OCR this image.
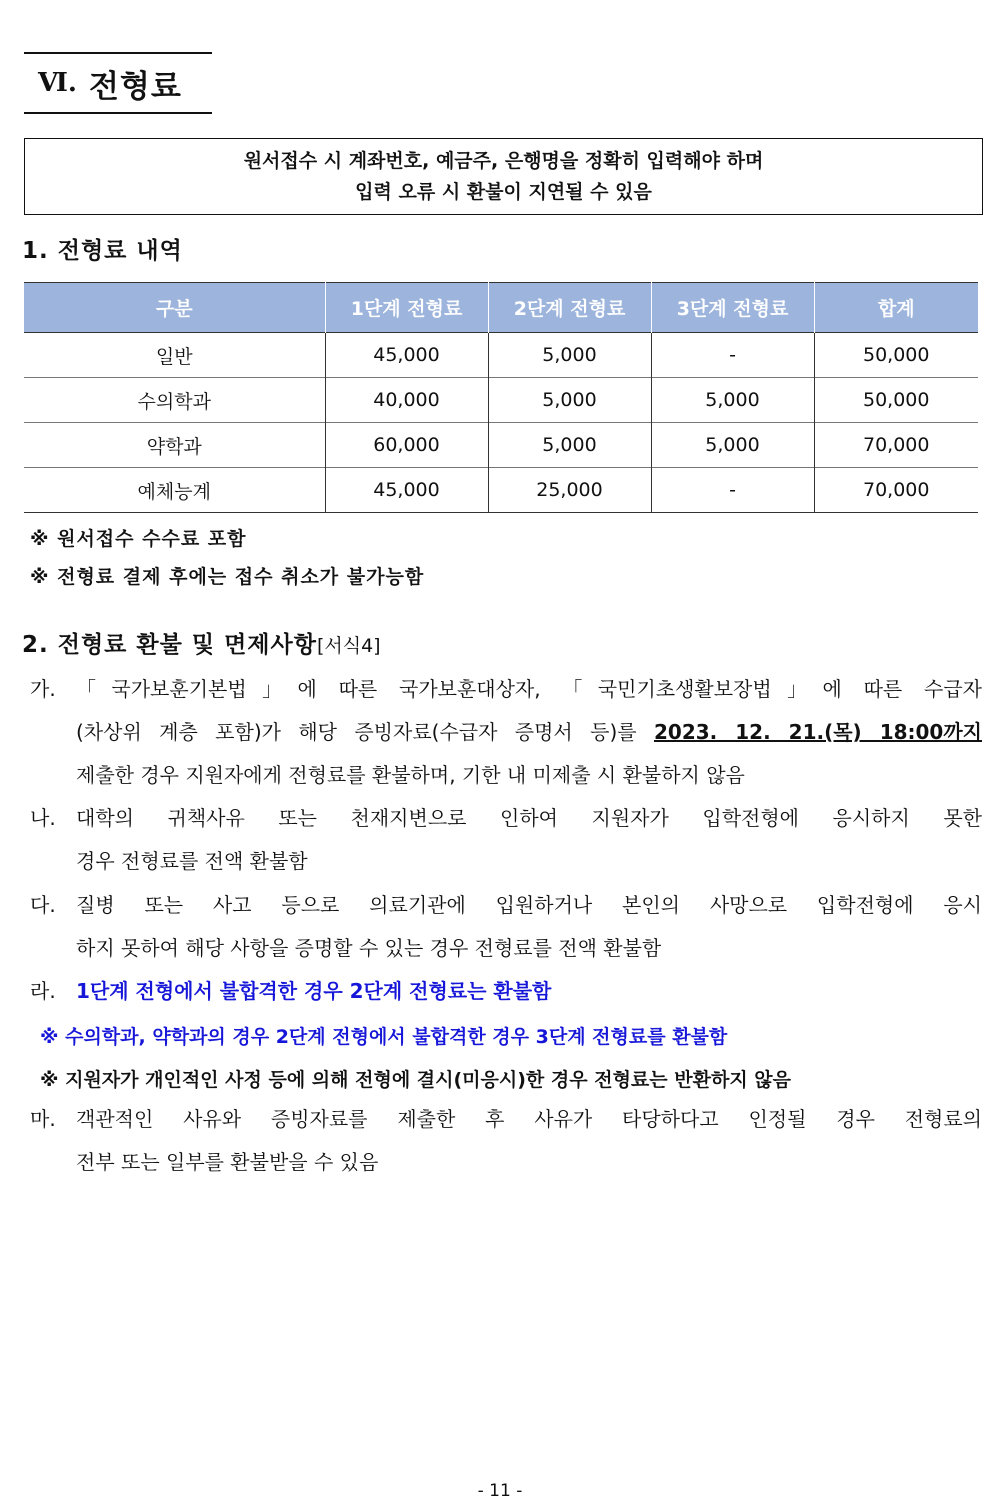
Ⅵ. 전형료
원서접수 시 계좌번호, 예금주, 은행명을 정확히 입력해야 하며
입력 오류 시 환불이 지연될 수 있음
1. 전형료 내역
구분	1단계 전형료	2단계 전형료	3단계 전형료	합계
일반	45,000	5,000	-	50,000
수의학과	40,000	5,000	5,000	50,000
약학과	60,000	5,000	5,000	70,000
예체능계	45,000	25,000	-	70,000
※ 원서접수 수수료 포함
※ 전형료 결제 후에는 접수 취소가 불가능함
2. 전형료 환불 및 면제사항[서식4]
가. 「국가보훈기본법」에 따른 국가보훈대상자, 「국민기초생활보장법」에 따른 수급자
(차상위 계층 포함)가 해당 증빙자료(수급자 증명서 등)를 2023. 12. 21.(목) 18:00까지
제출한 경우 지원자에게 전형료를 환불하며, 기한 내 미제출 시 환불하지 않음
나. 대학의 귀책사유 또는 천재지변으로 인하여 지원자가 입학전형에 응시하지 못한
경우 전형료를 전액 환불함
다. 질병 또는 사고 등으로 의료기관에 입원하거나 본인의 사망으로 입학전형에 응시
하지 못하여 해당 사항을 증명할 수 있는 경우 전형료를 전액 환불함
라. 1단계 전형에서 불합격한 경우 2단계 전형료는 환불함
※ 수의학과, 약학과의 경우 2단계 전형에서 불합격한 경우 3단계 전형료를 환불함
※ 지원자가 개인적인 사정 등에 의해 전형에 결시(미응시)한 경우 전형료는 반환하지 않음
마. 객관적인 사유와 증빙자료를 제출한 후 사유가 타당하다고 인정될 경우 전형료의
전부 또는 일부를 환불받을 수 있음
- 11 -
